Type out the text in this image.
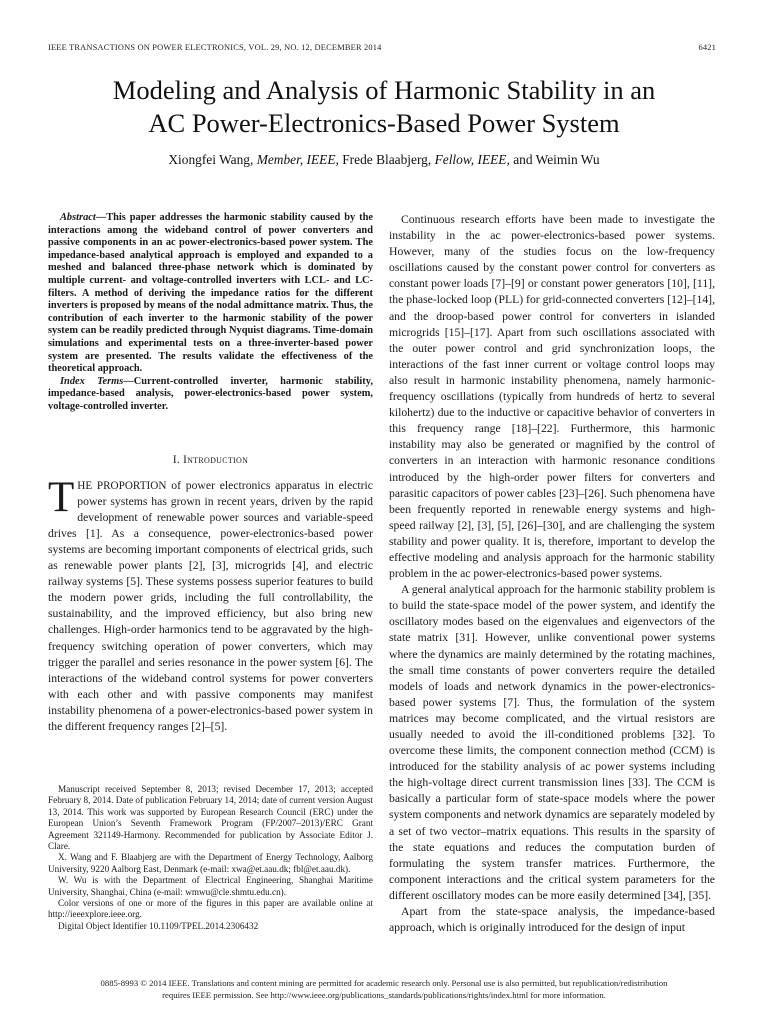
IEEE TRANSACTIONS ON POWER ELECTRONICS, VOL. 29, NO. 12, DECEMBER 2014	6421
Modeling and Analysis of Harmonic Stability in an
AC Power-Electronics-Based Power System
Xiongfei Wang, Member, IEEE, Frede Blaabjerg, Fellow, IEEE, and Weimin Wu

Abstract—This paper addresses the harmonic stability caused by the interactions among the wideband control of power converters and passive components in an ac power-electronics-based power system. The impedance-based analytical approach is employed and expanded to a meshed and balanced three-phase network which is dominated by multiple current- and voltage-controlled inverters with LCL- and LC-filters. A method of deriving the impedance ratios for the different inverters is proposed by means of the nodal admittance matrix. Thus, the contribution of each inverter to the harmonic stability of the power system can be readily predicted through Nyquist diagrams. Time-domain simulations and experimental tests on a three-inverter-based power system are presented. The results validate the effectiveness of the theoretical approach.

Index Terms—Current-controlled inverter, harmonic stability, impedance-based analysis, power-electronics-based power system, voltage-controlled inverter.

I. Introduction

THE PROPORTION of power electronics apparatus in electric power systems has grown in recent years, driven by the rapid development of renewable power sources and variable-speed drives [1]. As a consequence, power-electronics-based power systems are becoming important components of electrical grids, such as renewable power plants [2], [3], microgrids [4], and electric railway systems [5]. These systems possess superior features to build the modern power grids, including the full controllability, the sustainability, and the improved efficiency, but also bring new challenges. High-order harmonics tend to be aggravated by the high-frequency switching operation of power converters, which may trigger the parallel and series resonance in the power system [6]. The interactions of the wideband control systems for power converters with each other and with passive components may manifest instability phenomena of a power-electronics-based power system in the different frequency ranges [2]–[5].

Manuscript received September 8, 2013; revised December 17, 2013; accepted February 8, 2014. Date of publication February 14, 2014; date of current version August 13, 2014. This work was supported by European Research Council (ERC) under the European Union’s Seventh Framework Program (FP/2007–2013)/ERC Grant Agreement 321149-Harmony. Recommended for publication by Associate Editor J. Clare.

X. Wang and F. Blaabjerg are with the Department of Energy Technology, Aalborg University, 9220 Aalborg East, Denmark (e-mail: xwa@et.aau.dk; fbl@et.aau.dk).

W. Wu is with the Department of Electrical Engineering, Shanghai Maritime University, Shanghai, China (e-mail: wmwu@cle.shmtu.edu.cn).

Color versions of one or more of the figures in this paper are available online at http://ieeexplore.ieee.org.

Digital Object Identifier 10.1109/TPEL.2014.2306432

Continuous research efforts have been made to investigate the instability in the ac power-electronics-based power systems. However, many of the studies focus on the low-frequency oscillations caused by the constant power control for converters as constant power loads [7]–[9] or constant power generators [10], [11], the phase-locked loop (PLL) for grid-connected converters [12]–[14], and the droop-based power control for converters in islanded microgrids [15]–[17]. Apart from such oscillations associated with the outer power control and grid synchronization loops, the interactions of the fast inner current or voltage control loops may also result in harmonic instability phenomena, namely harmonic-frequency oscillations (typically from hundreds of hertz to several kilohertz) due to the inductive or capacitive behavior of converters in this frequency range [18]–[22]. Furthermore, this harmonic instability may also be generated or magnified by the control of converters in an interaction with harmonic resonance conditions introduced by the high-order power filters for converters and parasitic capacitors of power cables [23]–[26]. Such phenomena have been frequently reported in renewable energy systems and high-speed railway [2], [3], [5], [26]–[30], and are challenging the system stability and power quality. It is, therefore, important to develop the effective modeling and analysis approach for the harmonic stability problem in the ac power-electronics-based power systems.

A general analytical approach for the harmonic stability problem is to build the state-space model of the power system, and identify the oscillatory modes based on the eigenvalues and eigenvectors of the state matrix [31]. However, unlike conventional power systems where the dynamics are mainly determined by the rotating machines, the small time constants of power converters require the detailed models of loads and network dynamics in the power-electronics-based power systems [7]. Thus, the formulation of the system matrices may become complicated, and the virtual resistors are usually needed to avoid the ill-conditioned problems [32]. To overcome these limits, the component connection method (CCM) is introduced for the stability analysis of ac power systems including the high-voltage direct current transmission lines [33]. The CCM is basically a particular form of state-space models where the power system components and network dynamics are separately modeled by a set of two vector–matrix equations. This results in the sparsity of the state equations and reduces the computation burden of formulating the system transfer matrices. Furthermore, the component interactions and the critical system parameters for the different oscillatory modes can be more easily determined [34], [35].

Apart from the state-space analysis, the impedance-based approach, which is originally introduced for the design of input

0885-8993 © 2014 IEEE. Translations and content mining are permitted for academic research only. Personal use is also permitted, but republication/redistribution
requires IEEE permission. See http://www.ieee.org/publications_standards/publications/rights/index.html for more information.
